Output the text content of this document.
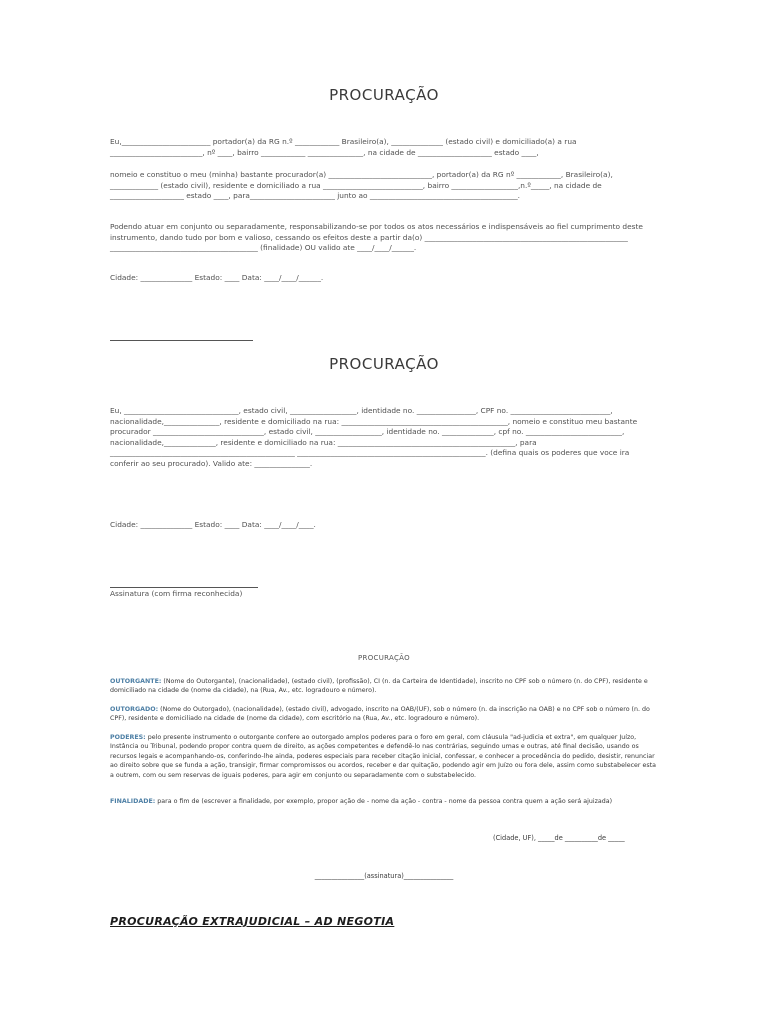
PROCURAÇÃO

Eu,________________________ portador(a) da RG n.º ____________ Brasileiro(a), ______________ (estado civil) e domiciliado(a) a rua _________________________, nº ____, bairro ____________ _______________, na cidade de ____________________ estado ____,

nomeio e constituo o meu (minha) bastante procurador(a) ____________________________, portador(a) da RG nº ____________, Brasileiro(a), _____________ (estado civil), residente e domiciliado a rua ___________________________, bairro __________________,n.º_____, na cidade de ____________________ estado ____, para_______________________ junto ao ________________________________________.

Podendo atuar em conjunto ou separadamente, responsabilizando-se por todos os atos necessários e indispensáveis ao fiel cumprimento deste instrumento, dando tudo por bom e valioso, cessando os efeitos deste a partir da(o) _______________________________________________________ ________________________________________ (finalidade) OU valido ate ____/____/______.

Cidade: ______________ Estado: ____ Data: ____/____/______.

PROCURAÇÃO

Eu, _______________________________, estado civil, __________________, identidade no. ________________, CPF no. ___________________________, nacionalidade,_______________, residente e domiciliado na rua: _____________________________________________, nomeio e constituo meu bastante procurador ______________________________, estado civil, __________________, identidade no. ______________, cpf no. __________________________, nacionalidade,______________, residente e domiciliado na rua: ________________________________________________, para __________________________________________________ ___________________________________________________. (defina quais os poderes que voce ira conferir ao seu procurado). Valido ate: _______________.

Cidade: ______________ Estado: ____ Data: ____/____/____.

Assinatura (com firma reconhecida)
PROCURAÇÃO
OUTORGANTE: (Nome do Outorgante), (nacionalidade), (estado civil), (profissão), CI (n. da Carteira de Identidade), inscrito no CPF sob o número (n. do CPF), residente e domiciliado na cidade de (nome da cidade), na (Rua, Av., etc. logradouro e número).
OUTORGADO: (Nome do Outorgado), (nacionalidade), (estado civil), advogado, inscrito na OAB/(UF), sob o número (n. da inscrição na OAB) e no CPF sob o número (n. do CPF), residente e domiciliado na cidade de (nome da cidade), com escritório na (Rua, Av., etc. logradouro e número).
PODERES: pelo presente instrumento o outorgante confere ao outorgado amplos poderes para o foro em geral, com cláusula "ad-judicia et extra", em qualquer Juízo, Instância ou Tribunal, podendo propor contra quem de direito, as ações competentes e defendê-lo nas contrárias, seguindo umas e outras, até final decisão, usando os recursos legais e acompanhando-os, conferindo-lhe ainda, poderes especiais para receber citação inicial, confessar, e conhecer a procedência do pedido, desistir, renunciar ao direito sobre que se funda a ação, transigir, firmar compromissos ou acordos, receber e dar quitação, podendo agir em Juízo ou fora dele, assim como substabelecer esta a outrem, com ou sem reservas de iguais poderes, para agir em conjunto ou separadamente com o substabelecido.
FINALIDADE: para o fim de (escrever a finalidade, por exemplo, propor ação de - nome da ação - contra - nome da pessoa contra quem a ação será ajuizada)
(Cidade, UF), _____de __________de _____
_______________(assinatura)_______________
PROCURAÇÃO EXTRAJUDICIAL – AD NEGOTIA
